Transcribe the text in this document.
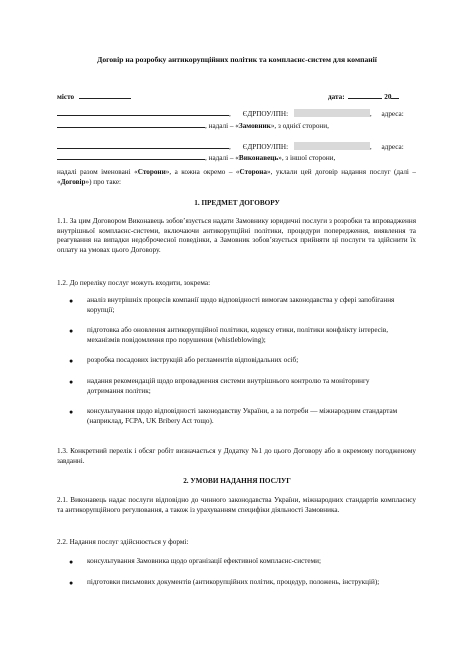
Договір на розробку антикорупційних політик та комплаєнс-систем для компанії
місто	дата:	20
, ЄДРПОУ/ІПН:	, адреса:
, надалі – «Замовник», з однієї сторони,
, ЄДРПОУ/ІПН:	, адреса:
, надалі – «Виконавець», з іншої сторони,
надалі разом іменовані «Сторони», а кожна окремо – «Сторона», уклали цей договір надання послуг (далі – «Договір») про таке:
1. ПРЕДМЕТ ДОГОВОРУ
1.1. За цим Договором Виконавець зобов’язується надати Замовнику юридичні послуги з розробки та впровадження внутрішньої комплаєнс-системи, включаючи антикорупційні політики, процедури попередження, виявлення та реагування на випадки недоброчесної поведінки, а Замовник зобов’язується прийняти ці послуги та здійснити їх оплату на умовах цього Договору.
1.2. До переліку послуг можуть входити, зокрема:
● аналіз внутрішніх процесів компанії щодо відповідності вимогам законодавства у сфері запобігання корупції;
● підготовка або оновлення антикорупційної політики, кодексу етики, політики конфлікту інтересів, механізмів повідомлення про порушення (whistleblowing);
● розробка посадових інструкцій або регламентів відповідальних осіб;
● надання рекомендацій щодо впровадження системи внутрішнього контролю та моніторингу дотримання політик;
● консультування щодо відповідності законодавству України, а за потреби — міжнародним стандартам (наприклад, FCPA, UK Bribery Act тощо).
1.3. Конкретний перелік і обсяг робіт визначається у Додатку №1 до цього Договору або в окремому погодженому завданні.
2. УМОВИ НАДАННЯ ПОСЛУГ
2.1. Виконавець надає послуги відповідно до чинного законодавства України, міжнародних стандартів комплаєнсу та антикорупційного регулювання, а також із урахуванням специфіки діяльності Замовника.
2.2. Надання послуг здійснюється у формі:
● консультування Замовника щодо організації ефективної комплаєнс-системи;
● підготовки письмових документів (антикорупційних політик, процедур, положень, інструкцій);
